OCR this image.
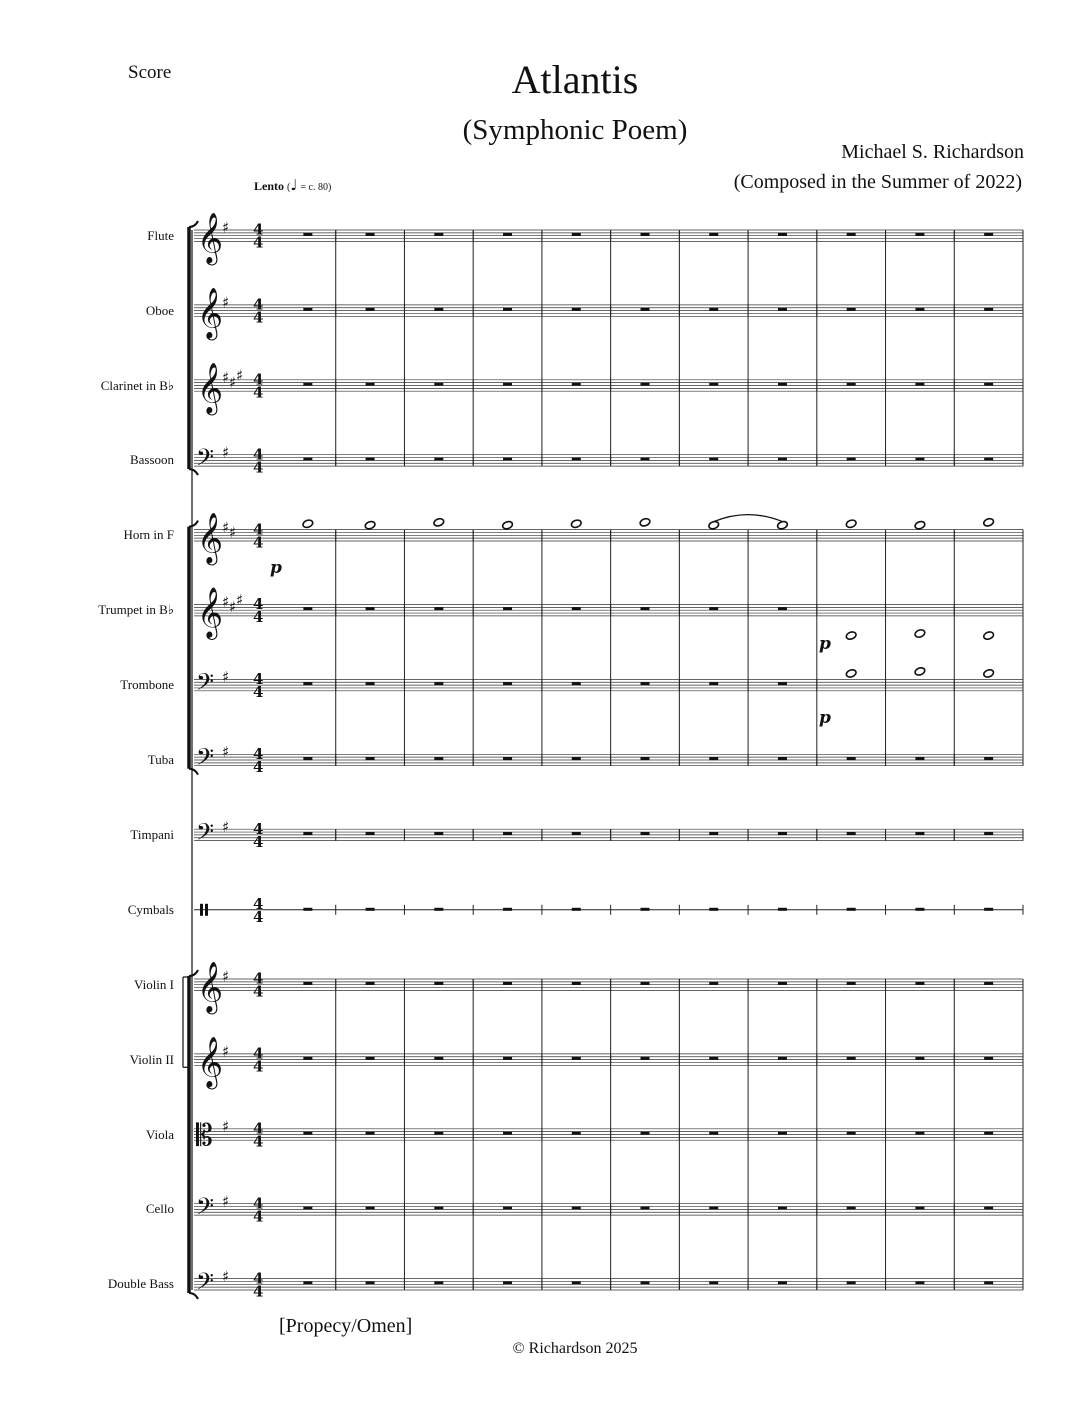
Score	Atlantis
(Symphonic Poem)
Michael S. Richardson
(Composed in the Summer of 2022)
Lento (♩ = c. 80)
Flute
Oboe
Clarinet in B♭
Bassoon
Horn in F
Trumpet in B♭
Trombone
Tuba
Timpani
Cymbals
Violin I
Violin II
Viola
Cello
Double Bass
𝄞
♯ 4
4
𝄞
♯ 4
4
𝄞
♯ ♯ ♯ 4
4
𝄢 ♯ 4
4
𝄞
♯ ♯ 4
4
p
𝄞
♯ ♯ ♯ 4
4
p
𝄢 ♯ 4
4
p
𝄢 ♯ 4
4
𝄢 ♯ 4
4
4
4
𝄞
♯ 4
4
𝄞
♯ 4
4
𝄡 ♯ 4
4
𝄢 ♯ 4
4
𝄢 ♯ 4
4
[Propecy/Omen]
© Richardson 2025
